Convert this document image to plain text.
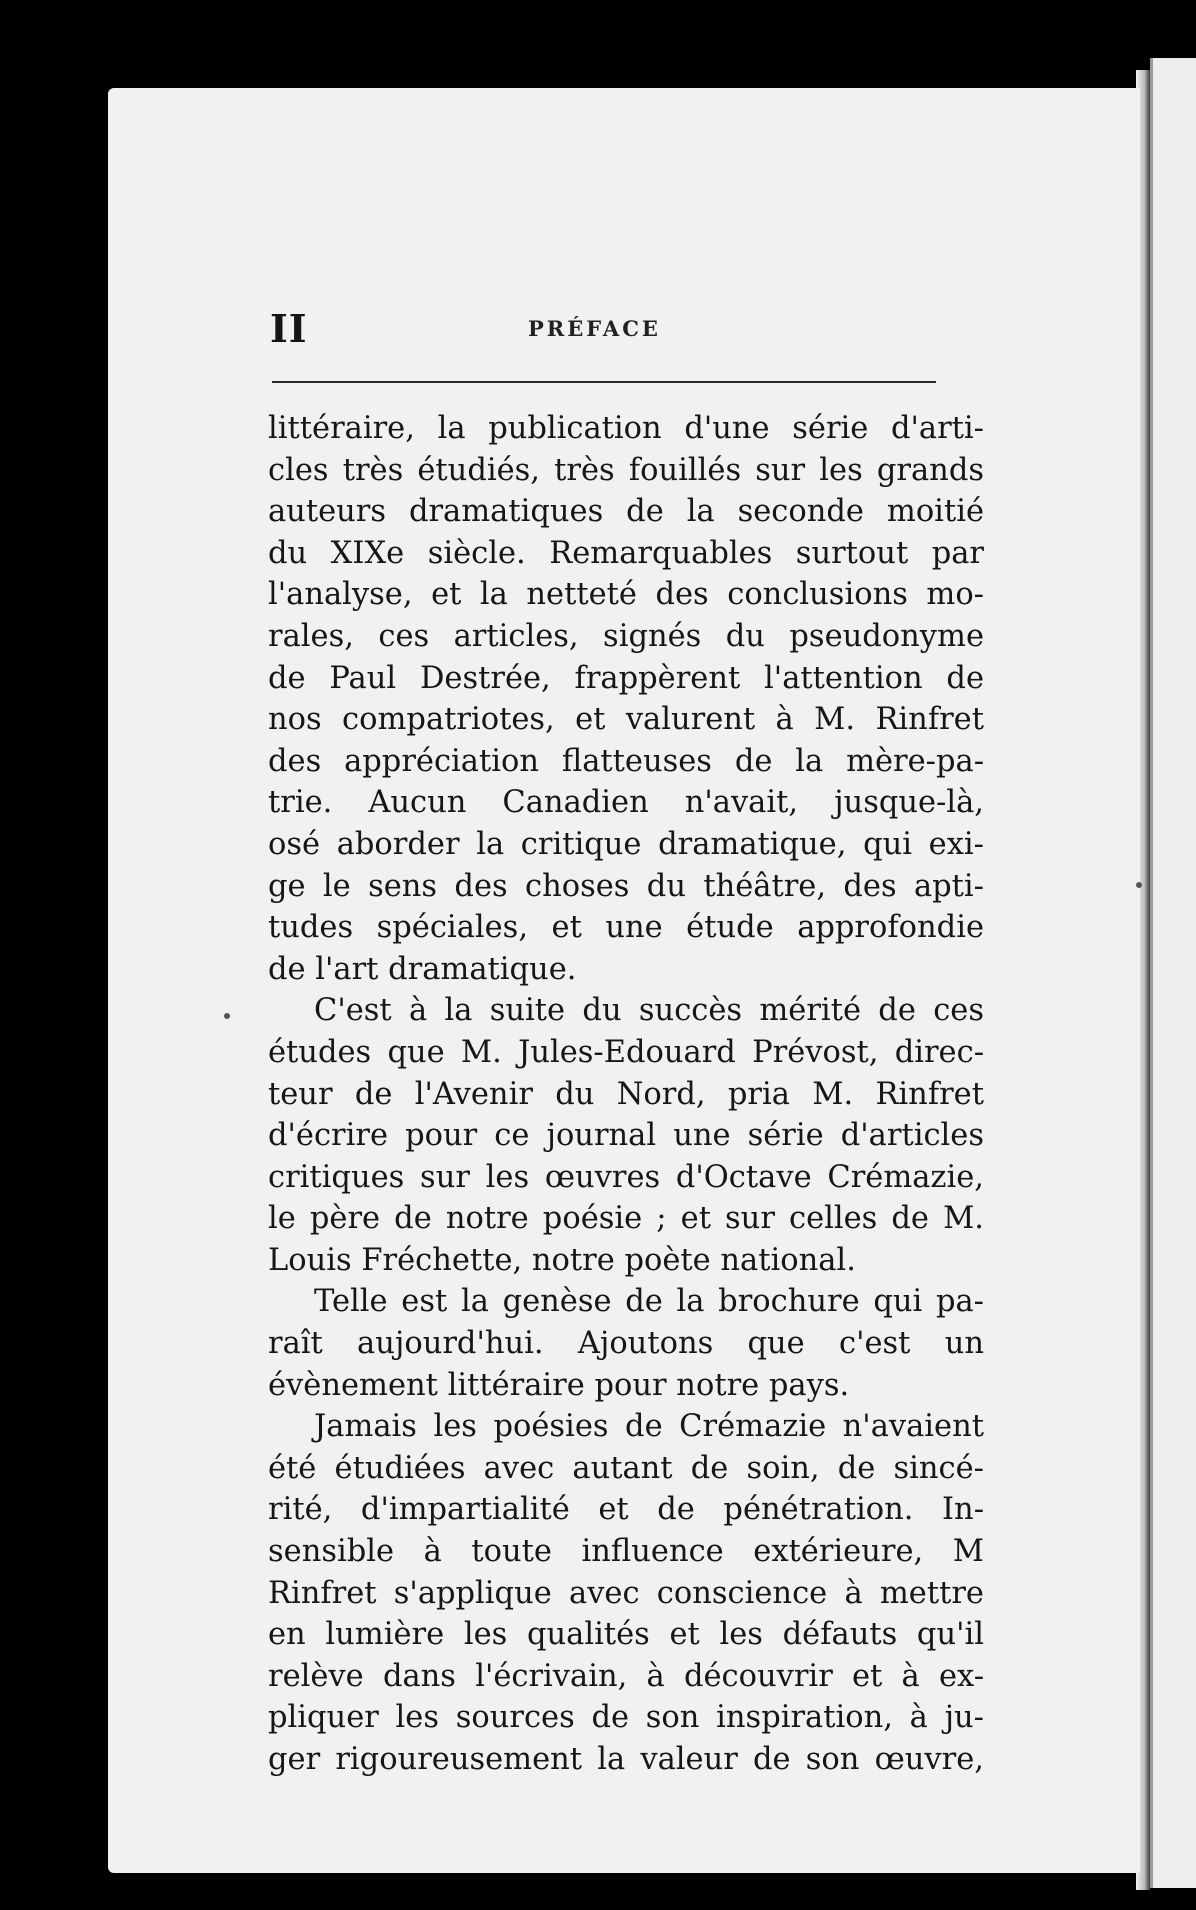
II	PRÉFACE
littéraire, la publication d'une série d'arti-
cles très étudiés, très fouillés sur les grands
auteurs dramatiques de la seconde moitié
du XIXe siècle. Remarquables surtout par
l'analyse, et la netteté des conclusions mo-
rales, ces articles, signés du pseudonyme
de Paul Destrée, frappèrent l'attention de
nos compatriotes, et valurent à M. Rinfret
des appréciation flatteuses de la mère-pa-
trie. Aucun Canadien n'avait, jusque-là,
osé aborder la critique dramatique, qui exi-
ge le sens des choses du théâtre, des apti-
tudes spéciales, et une étude approfondie
de l'art dramatique.
C'est à la suite du succès mérité de ces
études que M. Jules-Edouard Prévost, direc-
teur de l'Avenir du Nord, pria M. Rinfret
d'écrire pour ce journal une série d'articles
critiques sur les œuvres d'Octave Crémazie,
le père de notre poésie ; et sur celles de M.
Louis Fréchette, notre poète national.
Telle est la genèse de la brochure qui pa-
raît aujourd'hui. Ajoutons que c'est un
évènement littéraire pour notre pays.
Jamais les poésies de Crémazie n'avaient
été étudiées avec autant de soin, de sincé-
rité, d'impartialité et de pénétration. In-
sensible à toute influence extérieure, M
Rinfret s'applique avec conscience à mettre
en lumière les qualités et les défauts qu'il
relève dans l'écrivain, à découvrir et à ex-
pliquer les sources de son inspiration, à ju-
ger rigoureusement la valeur de son œuvre,
